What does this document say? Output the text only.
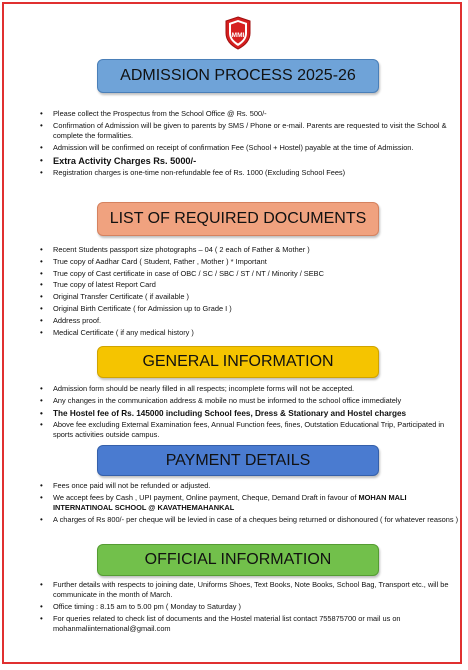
MMI
ADMISSION PROCESS 2025-26
• Please collect the Prospectus from the School Office @ Rs. 500/-
• Confirmation of Admission will be given to parents by SMS / Phone or e-mail. Parents are requested to visit the School & complete the formalities.
• Admission will be confirmed on receipt of confirmation Fee (School + Hostel) payable at the time of Admission.
• Extra Activity Charges Rs. 5000/-
• Registration charges is one-time non-refundable fee of Rs. 1000 (Excluding School Fees)
LIST OF REQUIRED DOCUMENTS
• Recent Students passport size photographs – 04 ( 2 each of Father & Mother )
• True copy of Aadhar Card ( Student, Father , Mother ) * Important
• True copy of Cast certificate in case of OBC / SC / SBC / ST / NT / Minority / SEBC
• True copy of latest Report Card
• Original Transfer Certificate ( if available )
• Original Birth Certificate ( for Admission up to Grade I )
• Address proof.
• Medical Certificate ( if any medical history )
GENERAL INFORMATION
• Admission form should be nearly filled in all respects; incomplete forms will not be accepted.
• Any changes in the communication address & mobile no must be informed to the school office immediately
• The Hostel fee of Rs. 145000 including School fees, Dress & Stationary and Hostel charges
• Above fee excluding External Examination fees, Annual Function fees, fines, Outstation Educational Trip, Participated in sports activities outside campus.
PAYMENT DETAILS
• Fees once paid will not be refunded or adjusted.
• We accept fees by Cash , UPI payment, Online payment, Cheque, Demand Draft in favour of MOHAN MALI INTERNATINOAL SCHOOL @ KAVATHEMAHANKAL
• A charges of Rs 800/- per cheque will be levied in case of a cheques being returned or dishonoured ( for whatever reasons )
OFFICIAL INFORMATION
• Further details with respects to joining date, Uniforms Shoes, Text Books, Note Books, School Bag, Transport etc., will be communicate in the month of March.
• Office timing : 8.15 am to 5.00 pm ( Monday to Saturday )
• For queries related to check list of documents and the Hostel material list contact 755875700 or mail us on mohanmaliinternational@gmail.com
